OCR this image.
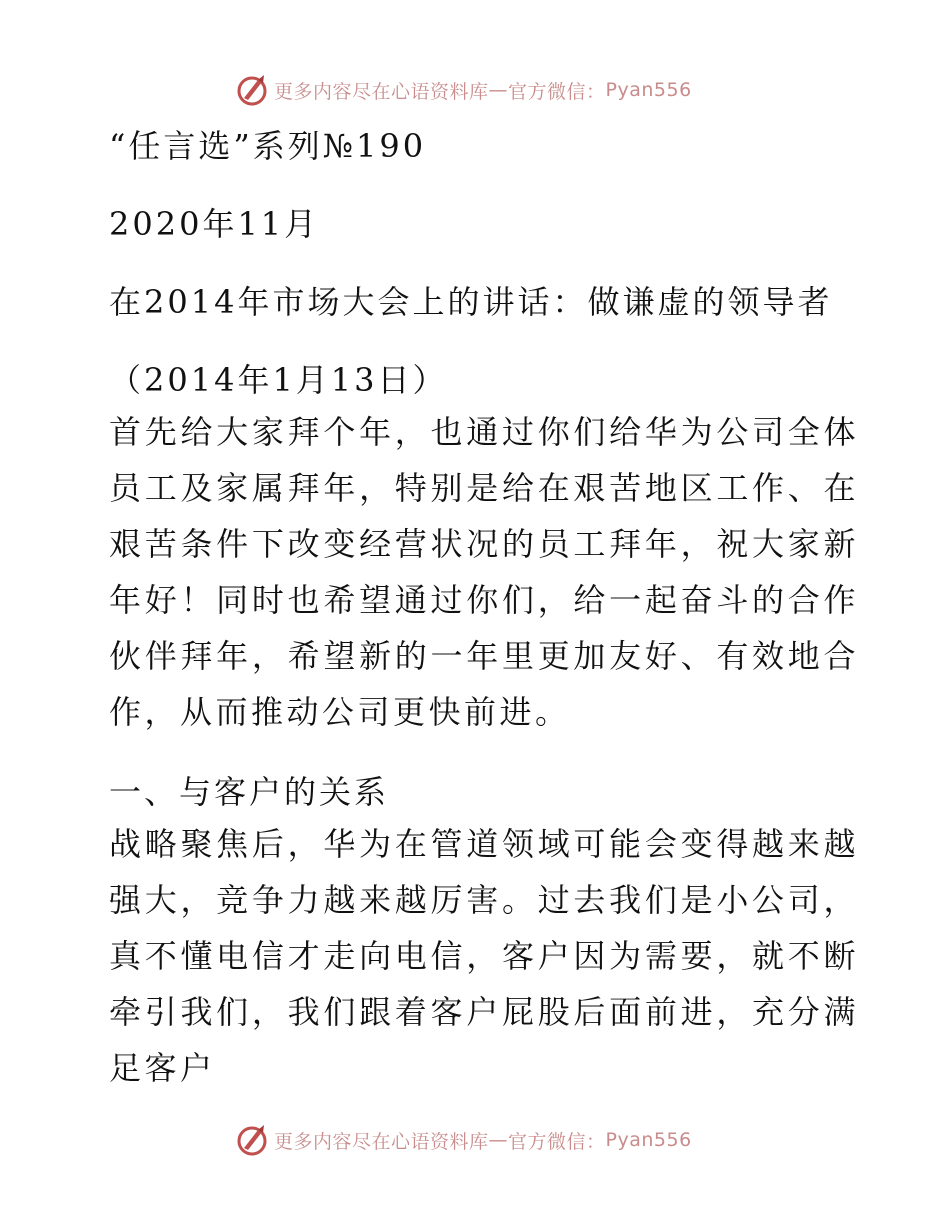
更多内容尽在心语资料库 — 官方微信： Pyan556

“任言选”系列№190

2020年11月

在2014年市场大会上的讲话：做谦虚的领导者

（2014年1月13日）

首先给大家拜个年，也通过你们给华为公司全体员工及家属拜年，特别是给在艰苦地区工作、在艰苦条件下改变经营状况的员工拜年，祝大家新年好！同时也希望通过你们，给一起奋斗的合作伙伴拜年，希望新的一年里更加友好、有效地合作，从而推动公司更快前进。

一、与客户的关系

战略聚焦后，华为在管道领域可能会变得越来越强大，竞争力越来越厉害。过去我们是小公司，真不懂电信才走向电信，客户因为需要，就不断牵引我们，我们跟着客户屁股后面前进，充分满足客户

更多内容尽在心语资料库 — 官方微信： Pyan556
